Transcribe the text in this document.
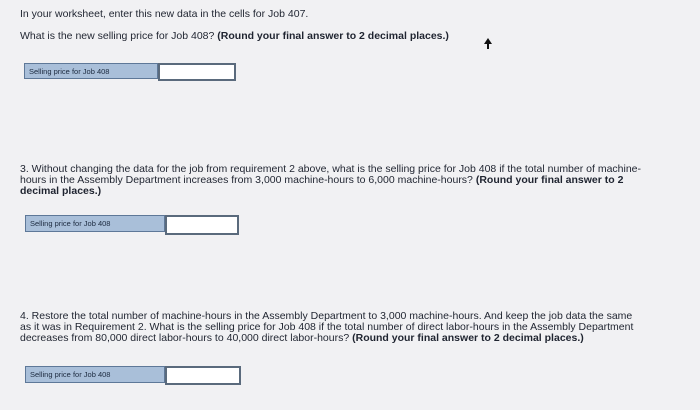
In your worksheet, enter this new data in the cells for Job 407.
What is the new selling price for Job 408? (Round your final answer to 2 decimal places.)
Selling price for Job 408
3. Without changing the data for the job from requirement 2 above, what is the selling price for Job 408 if the total number of machine-
hours in the Assembly Department increases from 3,000 machine-hours to 6,000 machine-hours? (Round your final answer to 2
decimal places.)
Selling price for Job 408
4. Restore the total number of machine-hours in the Assembly Department to 3,000 machine-hours. And keep the job data the same
as it was in Requirement 2. What is the selling price for Job 408 if the total number of direct labor-hours in the Assembly Department
decreases from 80,000 direct labor-hours to 40,000 direct labor-hours? (Round your final answer to 2 decimal places.)
Selling price for Job 408
